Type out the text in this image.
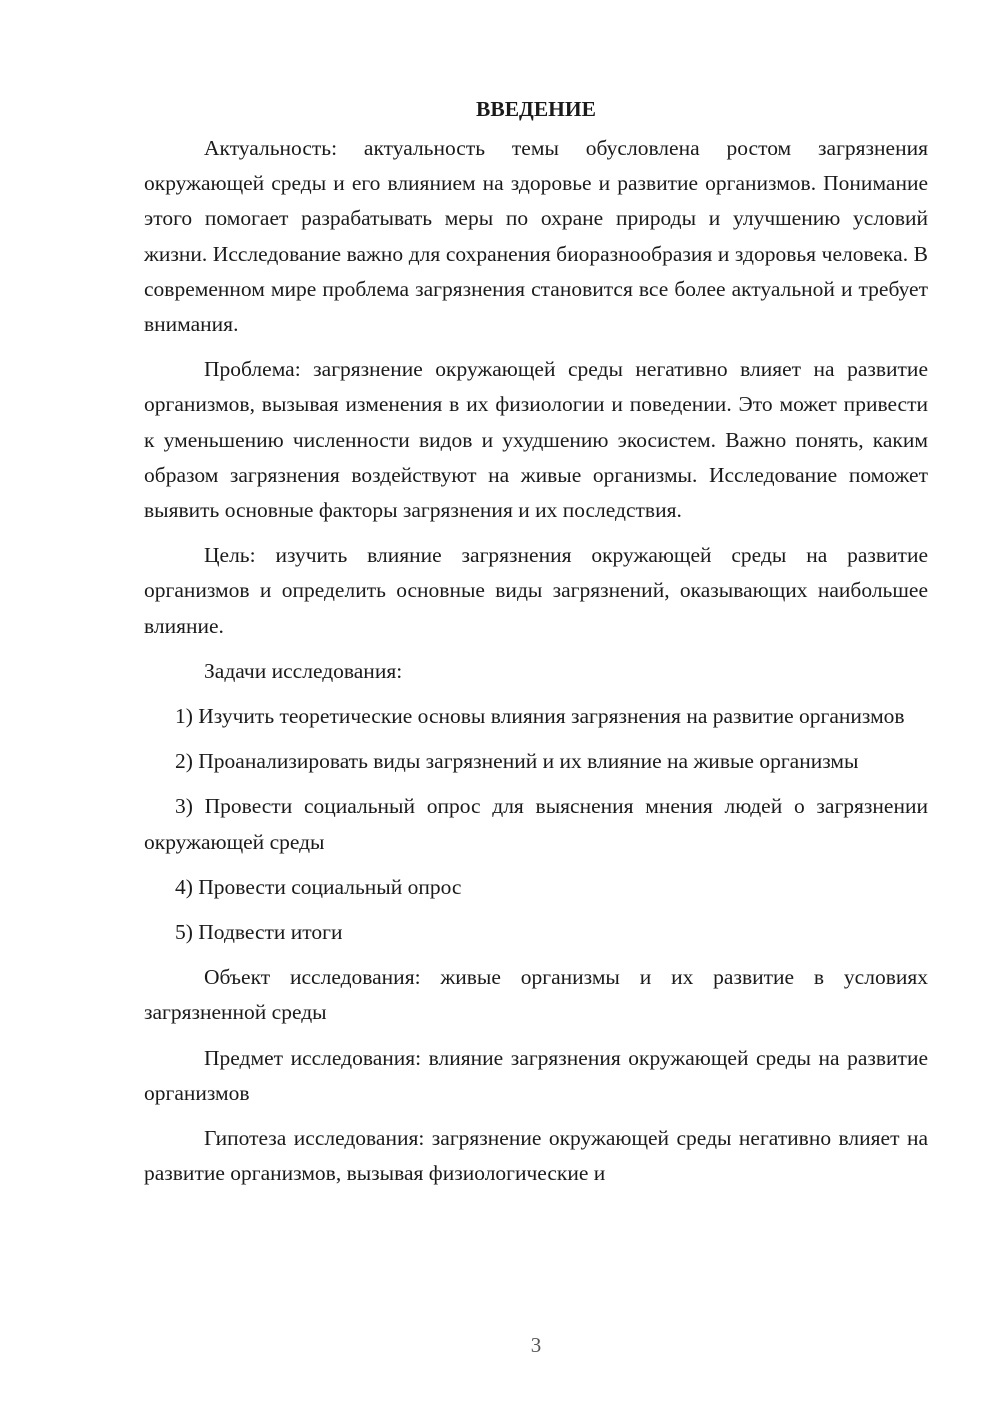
ВВЕДЕНИЕ

Актуальность: актуальность темы обусловлена ростом загрязнения окружающей среды и его влиянием на здоровье и развитие организмов. Понимание этого помогает разрабатывать меры по охране природы и улучшению условий жизни. Исследование важно для сохранения биоразнообразия и здоровья человека. В современном мире проблема загрязнения становится все более актуальной и требует внимания.

Проблема: загрязнение окружающей среды негативно влияет на развитие организмов, вызывая изменения в их физиологии и поведении. Это может привести к уменьшению численности видов и ухудшению экосистем. Важно понять, каким образом загрязнения воздействуют на живые организмы. Исследование поможет выявить основные факторы загрязнения и их последствия.

Цель: изучить влияние загрязнения окружающей среды на развитие организмов и определить основные виды загрязнений, оказывающих наибольшее влияние.

Задачи исследования:

1) Изучить теоретические основы влияния загрязнения на развитие организмов

2) Проанализировать виды загрязнений и их влияние на живые организмы

3) Провести социальный опрос для выяснения мнения людей о загрязнении окружающей среды

4) Провести социальный опрос

5) Подвести итоги

Объект исследования: живые организмы и их развитие в условиях загрязненной среды

Предмет исследования: влияние загрязнения окружающей среды на развитие организмов

Гипотеза исследования: загрязнение окружающей среды негативно влияет на развитие организмов, вызывая физиологические и

3
